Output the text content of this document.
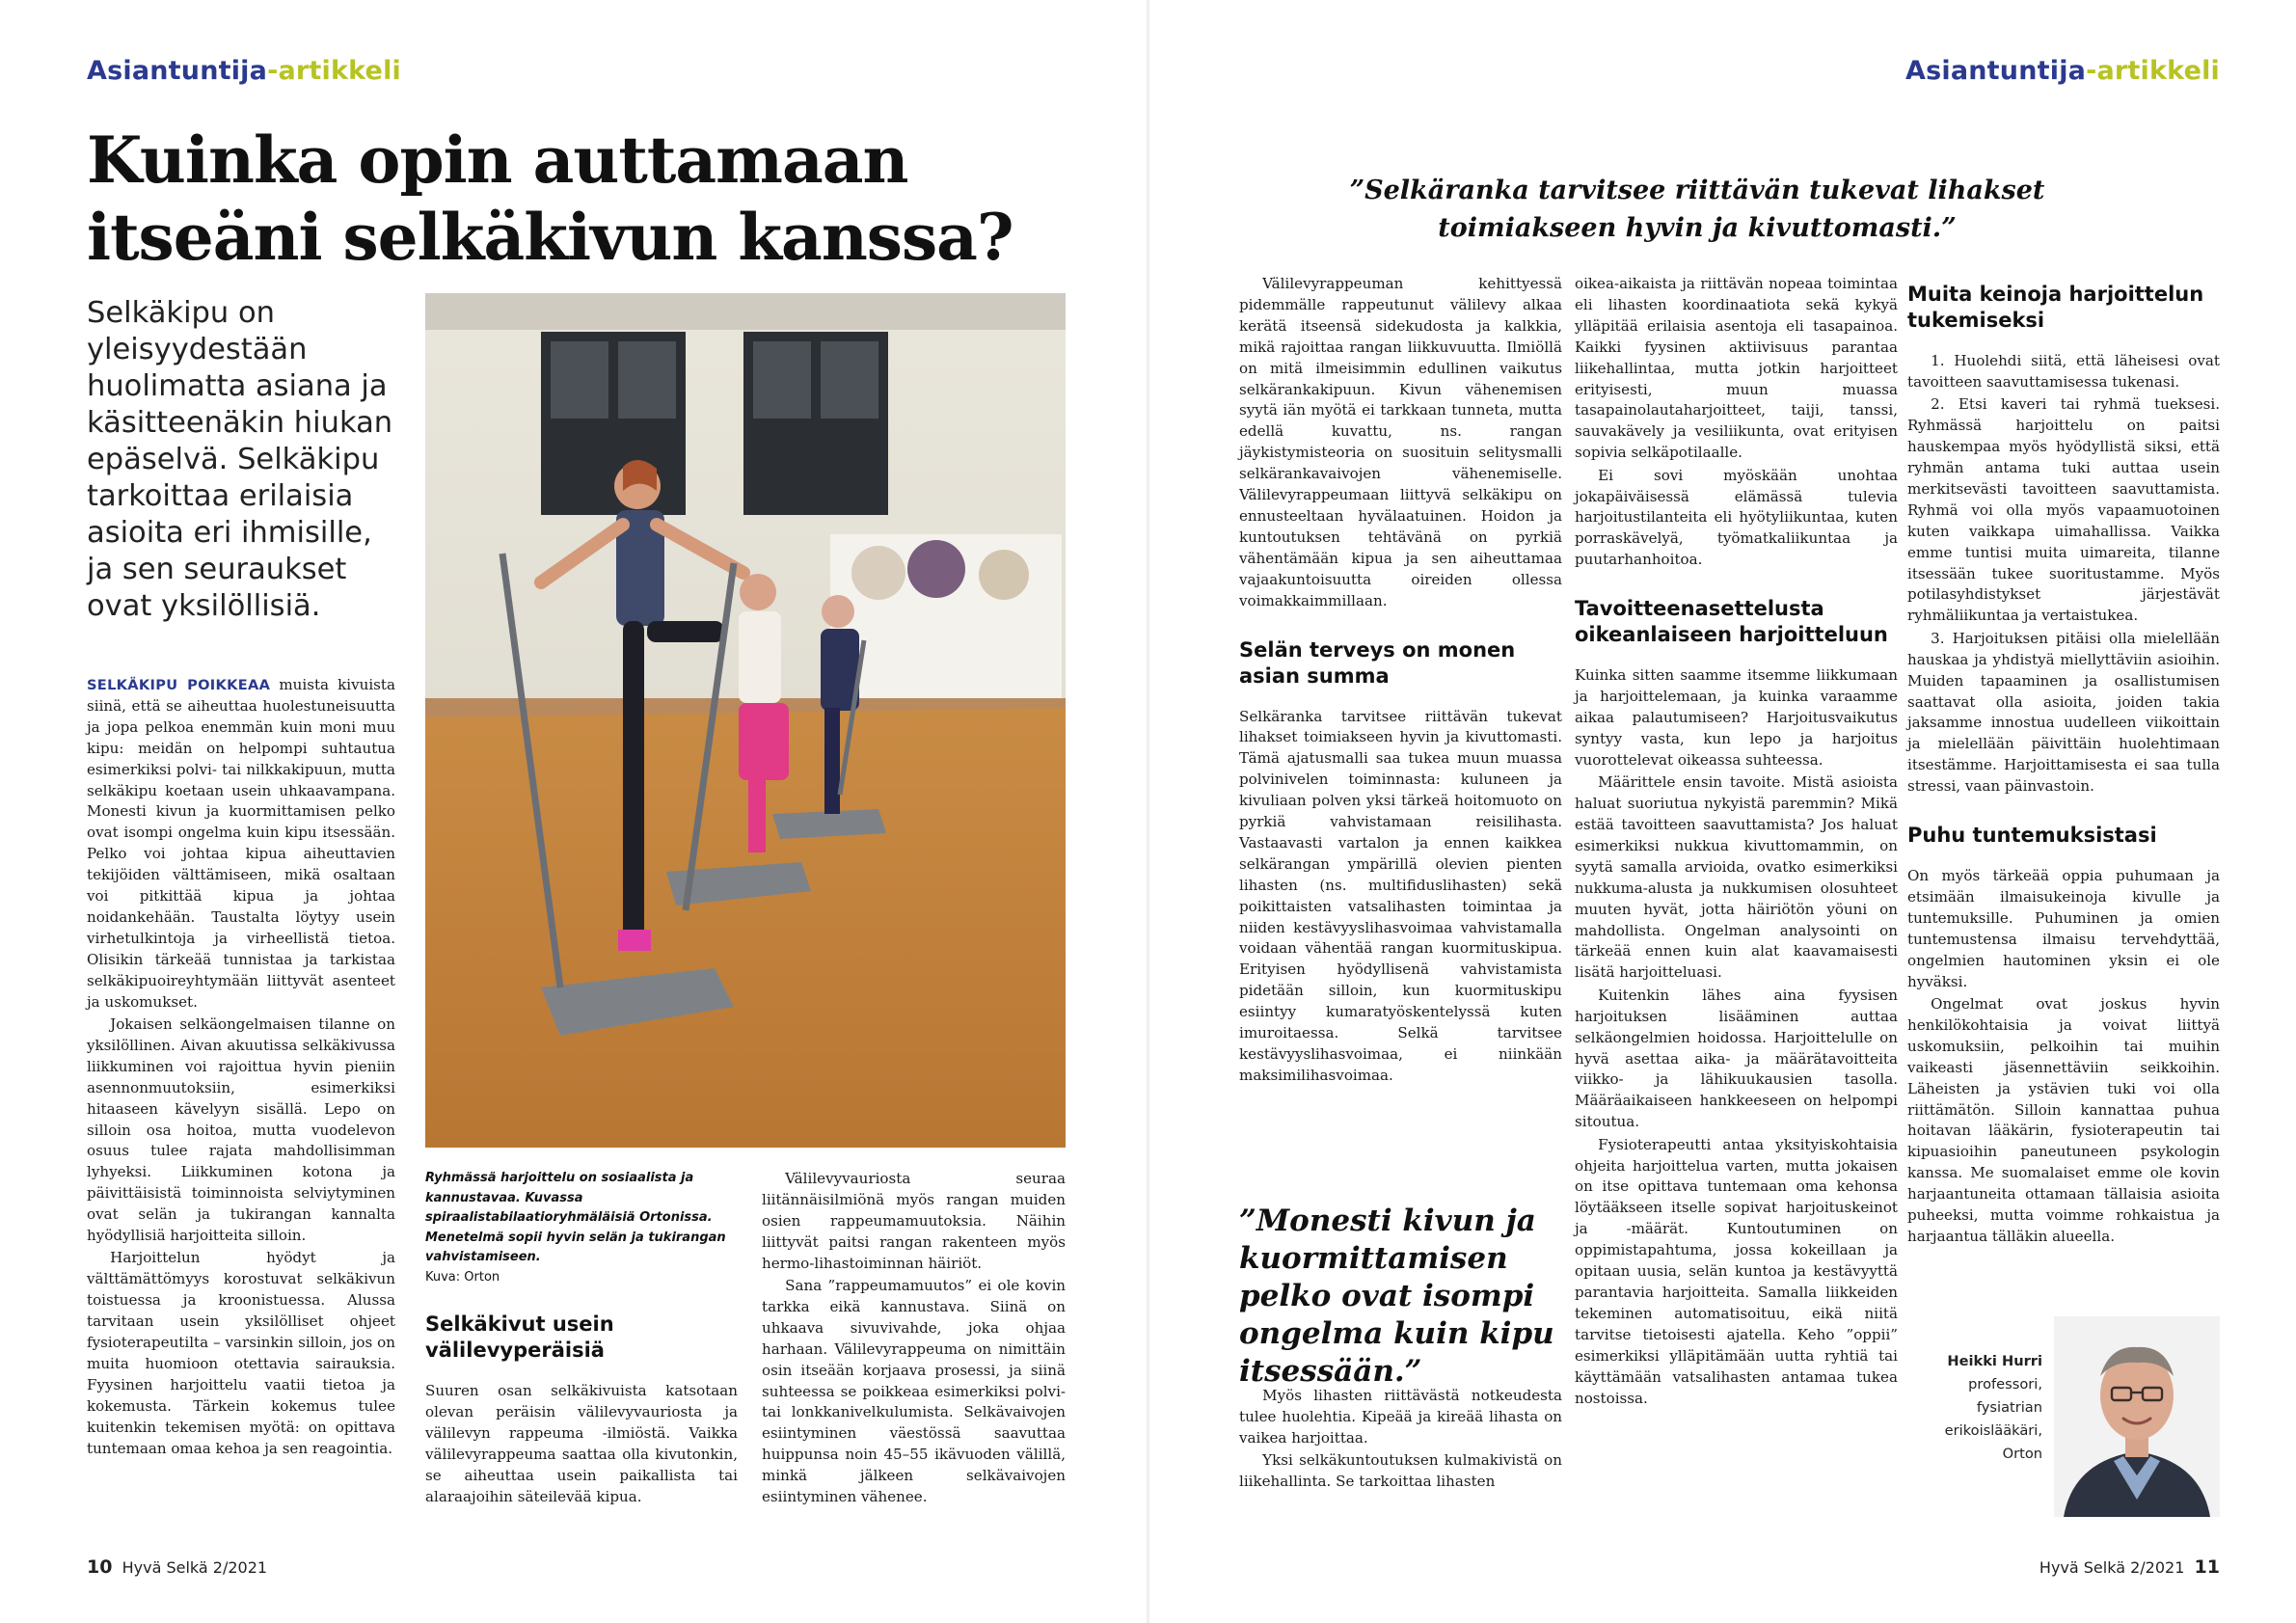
Asiantuntija-artikkeli
Kuinka opin auttamaan itseäni selkäkivun kanssa?

Selkäkipu on yleisyydestään huolimatta asiana ja käsitteenäkin hiukan epäselvä. Selkäkipu tarkoittaa erilaisia asioita eri ihmisille, ja sen seuraukset ovat yksilöllisiä.

SELKÄKIPU POIKKEAA muista kivuista siinä, että se aiheuttaa huolestuneisuutta ja jopa pelkoa enemmän kuin moni muu kipu: meidän on helpompi suhtautua esimerkiksi polvi- tai nilkkakipuun, mutta selkäkipu koetaan usein uhkaavampana. Monesti kivun ja kuormittamisen pelko ovat isompi ongelma kuin kipu itsessään. Pelko voi johtaa kipua aiheuttavien tekijöiden välttämiseen, mikä osaltaan voi pitkittää kipua ja johtaa noidankehään. Taustalta löytyy usein virhetulkintoja ja virheellistä tietoa. Olisikin tärkeää tunnistaa ja tarkistaa selkäkipuoireyhtymään liittyvät asenteet ja uskomukset.

Jokaisen selkäongelmaisen tilanne on yksilöllinen. Aivan akuutissa selkäkivussa liikkuminen voi rajoittua hyvin pieniin asennonmuutoksiin, esimerkiksi hitaaseen kävelyyn sisällä. Lepo on silloin osa hoitoa, mutta vuodelevon osuus tulee rajata mahdollisimman lyhyeksi. Liikkuminen kotona ja päivittäisistä toiminnoista selviytyminen ovat selän ja tukirangan kannalta hyödyllisiä harjoitteita silloin.

Harjoittelun hyödyt ja välttämättömyys korostuvat selkäkivun toistuessa ja kroonistuessa. Alussa tarvitaan usein yksilölliset ohjeet fysioterapeutilta – varsinkin silloin, jos on muita huomioon otettavia sairauksia. Fyysinen harjoittelu vaatii tietoa ja kokemusta. Tärkein kokemus tulee kuitenkin tekemisen myötä: on opittava tuntemaan omaa kehoa ja sen reagointia.

Ryhmässä harjoittelu on sosiaalista ja kannustavaa. Kuvassa spiraalistabilaatioryhmäläisiä Ortonissa. Menetelmä sopii hyvin selän ja tukirangan vahvistamiseen.
Kuva: Orton
Selkäkivut usein välilevyperäisiä

Suuren osan selkäkivuista katsotaan olevan peräisin välilevyvauriosta ja välilevyn rappeuma -ilmiöstä. Vaikka välilevyrappeuma saattaa olla kivutonkin, se aiheuttaa usein paikallista tai alaraajoihin säteilevää kipua.

Välilevyvauriosta seuraa liitännäisilmiönä myös rangan muiden osien rappeumamuutoksia. Näihin liittyvät paitsi rangan rakenteen myös hermo-lihastoiminnan häiriöt.

Sana ”rappeumamuutos” ei ole kovin tarkka eikä kannustava. Siinä on uhkaava sivuvivahde, joka ohjaa harhaan. Välilevyrappeuma on nimittäin osin itseään korjaava prosessi, ja siinä suhteessa se poikkeaa esimerkiksi polvi- tai lonkkanivelkulumista. Selkävaivojen esiintyminen väestössä saavuttaa huippunsa noin 45–55 ikävuoden välillä, minkä jälkeen selkävaivojen esiintyminen vähenee.

10 Hyvä Selkä 2/2021
Asiantuntija-artikkeli
”Selkäranka tarvitsee riittävän tukevat lihakset toimiakseen hyvin ja kivuttomasti.”

Välilevyrappeuman kehittyessä pidemmälle rappeutunut välilevy alkaa kerätä itseensä sidekudosta ja kalkkia, mikä rajoittaa rangan liikkuvuutta. Ilmiöllä on mitä ilmeisimmin edullinen vaikutus selkärankakipuun. Kivun vähenemisen syytä iän myötä ei tarkkaan tunneta, mutta edellä kuvattu, ns. rangan jäykistymisteoria on suosituin selitysmalli selkärankavaivojen vähenemiselle. Välilevyrappeumaan liittyvä selkäkipu on ennusteeltaan hyvälaatuinen. Hoidon ja kuntoutuksen tehtävänä on pyrkiä vähentämään kipua ja sen aiheuttamaa vajaakuntoisuutta oireiden ollessa voimakkaimmillaan.

Selän terveys on monen asian summa

Selkäranka tarvitsee riittävän tukevat lihakset toimiakseen hyvin ja kivuttomasti. Tämä ajatusmalli saa tukea muun muassa polvinivelen toiminnasta: kuluneen ja kivuliaan polven yksi tärkeä hoitomuoto on pyrkiä vahvistamaan reisilihasta. Vastaavasti vartalon ja ennen kaikkea selkärangan ympärillä olevien pienten lihasten (ns. multifiduslihasten) sekä poikittaisten vatsalihasten toimintaa ja niiden kestävyyslihasvoimaa vahvistamalla voidaan vähentää rangan kuormituskipua. Erityisen hyödyllisenä vahvistamista pidetään silloin, kun kuormituskipu esiintyy kumaratyöskentelyssä kuten imuroitaessa. Selkä tarvitsee kestävyyslihasvoimaa, ei niinkään maksimilihasvoimaa.

”Monesti kivun ja kuormittamisen pelko ovat isompi ongelma kuin kipu itsessään.”

Myös lihasten riittävästä notkeudesta tulee huolehtia. Kipeää ja kireää lihasta on vaikea harjoittaa.

Yksi selkäkuntoutuksen kulmakivistä on liikehallinta. Se tarkoittaa lihasten

oikea-aikaista ja riittävän nopeaa toimintaa eli lihasten koordinaatiota sekä kykyä ylläpitää erilaisia asentoja eli tasapainoa. Kaikki fyysinen aktiivisuus parantaa liikehallintaa, mutta jotkin harjoitteet erityisesti, muun muassa tasapainolautaharjoitteet, taiji, tanssi, sauvakävely ja vesiliikunta, ovat erityisen sopivia selkäpotilaalle.

Ei sovi myöskään unohtaa jokapäiväisessä elämässä tulevia harjoitustilanteita eli hyötyliikuntaa, kuten porraskävelyä, työmatkaliikuntaa ja puutarhanhoitoa.

Tavoitteenasettelusta oikeanlaiseen harjoitteluun

Kuinka sitten saamme itsemme liikkumaan ja harjoittelemaan, ja kuinka varaamme aikaa palautumiseen? Harjoitusvaikutus syntyy vasta, kun lepo ja harjoitus vuorottelevat oikeassa suhteessa.

Määrittele ensin tavoite. Mistä asioista haluat suoriutua nykyistä paremmin? Mikä estää tavoitteen saavuttamista? Jos haluat esimerkiksi nukkua kivuttomammin, on syytä samalla arvioida, ovatko esimerkiksi nukkuma-alusta ja nukkumisen olosuhteet muuten hyvät, jotta häiriötön yöuni on mahdollista. Ongelman analysointi on tärkeää ennen kuin alat kaavamaisesti lisätä harjoitteluasi.

Kuitenkin lähes aina fyysisen harjoituksen lisääminen auttaa selkäongelmien hoidossa. Harjoittelulle on hyvä asettaa aika- ja määrätavoitteita viikko- ja lähikuukausien tasolla. Määräaikaiseen hankkeeseen on helpompi sitoutua.

Fysioterapeutti antaa yksityiskohtaisia ohjeita harjoittelua varten, mutta jokaisen on itse opittava tuntemaan oma kehonsa löytääkseen itselle sopivat harjoituskeinot ja -määrät. Kuntoutuminen on oppimistapahtuma, jossa kokeillaan ja opitaan uusia, selän kuntoa ja kestävyyttä parantavia harjoitteita. Samalla liikkeiden tekeminen automatisoituu, eikä niitä tarvitse tietoisesti ajatella. Keho ”oppii” esimerkiksi ylläpitämään uutta ryhtiä tai käyttämään vatsalihasten antamaa tukea nostoissa.

Muita keinoja harjoittelun tukemiseksi

1. Huolehdi siitä, että läheisesi ovat tavoitteen saavuttamisessa tukenasi.

2. Etsi kaveri tai ryhmä tueksesi. Ryhmässä harjoittelu on paitsi hauskempaa myös hyödyllistä siksi, että ryhmän antama tuki auttaa usein merkitsevästi tavoitteen saavuttamista. Ryhmä voi olla myös vapaamuotoinen kuten vaikkapa uimahallissa. Vaikka emme tuntisi muita uimareita, tilanne itsessään tukee suoritustamme. Myös potilasyhdistykset järjestävät ryhmäliikuntaa ja vertaistukea.

3. Harjoituksen pitäisi olla mielellään hauskaa ja yhdistyä miellyttäviin asioihin. Muiden tapaaminen ja osallistumisen saattavat olla asioita, joiden takia jaksamme innostua uudelleen viikoittain ja mielellään päivittäin huolehtimaan itsestämme. Harjoittamisesta ei saa tulla stressi, vaan päinvastoin.

Puhu tuntemuksistasi

On myös tärkeää oppia puhumaan ja etsimään ilmaisukeinoja kivulle ja tuntemuksille. Puhuminen ja omien tuntemustensa ilmaisu tervehdyttää, ongelmien hautominen yksin ei ole hyväksi.

Ongelmat ovat joskus hyvin henkilökohtaisia ja voivat liittyä uskomuksiin, pelkoihin tai muihin vaikeasti jäsennettäviin seikkoihin. Läheisten ja ystävien tuki voi olla riittämätön. Silloin kannattaa puhua hoitavan lääkärin, fysioterapeutin tai kipuasioihin paneutuneen psykologin kanssa. Me suomalaiset emme ole kovin harjaantuneita ottamaan tällaisia asioita puheeksi, mutta voimme rohkaistua ja harjaantua tälläkin alueella.

Heikki Hurri
professori,
fysiatrian
erikoislääkäri,
Orton
Hyvä Selkä 2/2021 11
